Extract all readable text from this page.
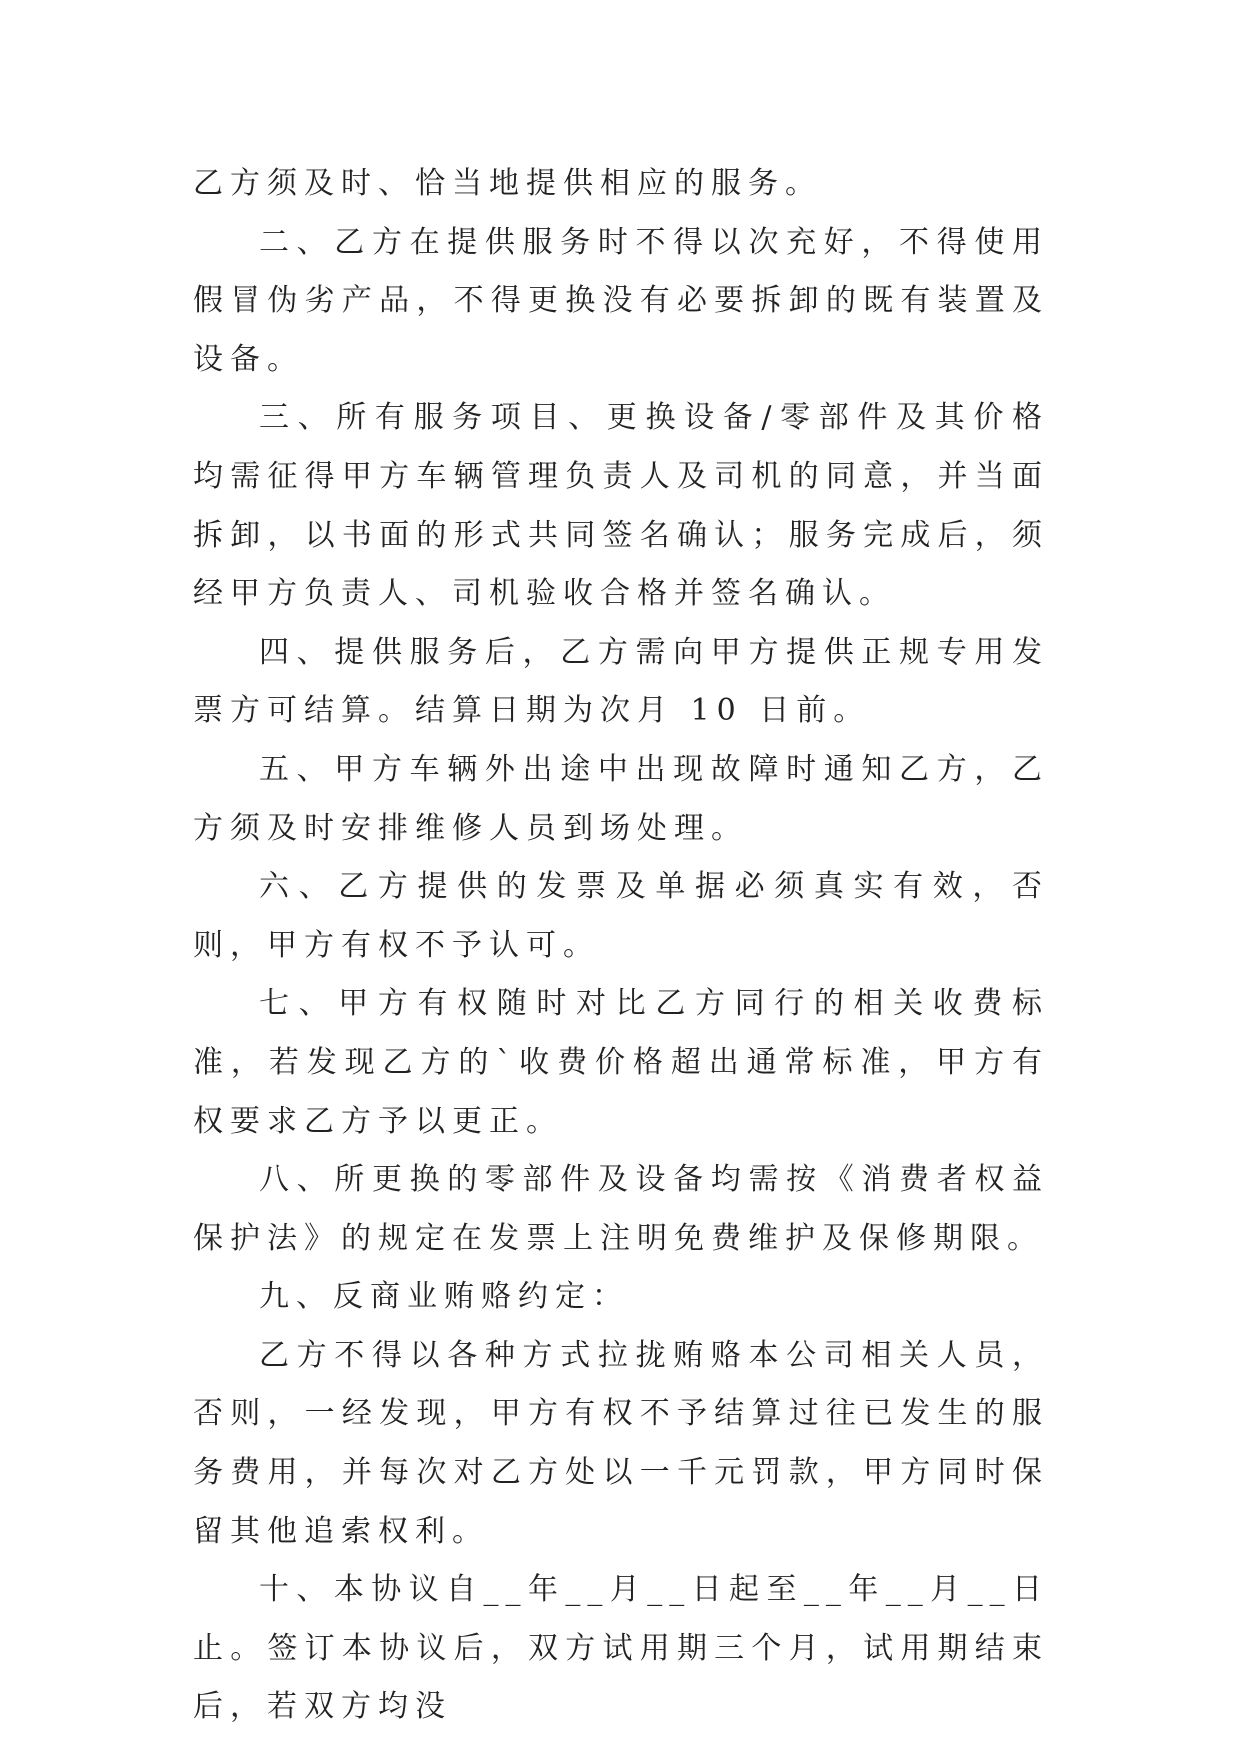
乙方须及时、恰当地提供相应的服务。

二、乙方在提供服务时不得以次充好，不得使用假冒伪劣产品，不得更换没有必要拆卸的既有装置及设备。

三、所有服务项目、更换设备/零部件及其价格均需征得甲方车辆管理负责人及司机的同意，并当面拆卸，以书面的形式共同签名确认；服务完成后，须经甲方负责人、司机验收合格并签名确认。

四、提供服务后，乙方需向甲方提供正规专用发票方可结算。结算日期为次月 10 日前。

五、甲方车辆外出途中出现故障时通知乙方，乙方须及时安排维修人员到场处理。

六、乙方提供的发票及单据必须真实有效，否则，甲方有权不予认可。

七、甲方有权随时对比乙方同行的相关收费标准，若发现乙方的`收费价格超出通常标准，甲方有权要求乙方予以更正。

八、所更换的零部件及设备均需按《消费者权益保护法》的规定在发票上注明免费维护及保修期限。

九、反商业贿赂约定：

乙方不得以各种方式拉拢贿赂本公司相关人员，否则，一经发现，甲方有权不予结算过往已发生的服务费用，并每次对乙方处以一千元罚款，甲方同时保留其他追索权利。

十、本协议自__年__月__日起至__年__月__日止。签订本协议后，双方试用期三个月，试用期结束后，若双方均没
